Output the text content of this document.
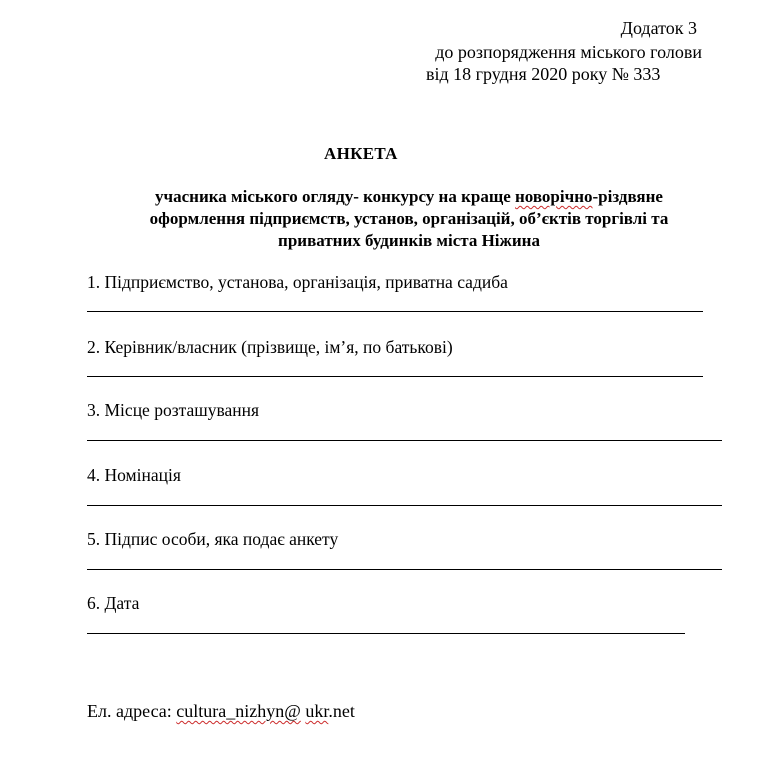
Додаток 3
до розпорядження міського голови
від 18 грудня 2020 року № 333
АНКЕТА
учасника міського огляду- конкурсу на краще новорічно-різдвяне
оформлення підприємств, установ, організацій, об’єктів торгівлі та
приватних будинків міста Ніжина
1. Підприємство, установа, організація, приватна садиба
2. Керівник/власник (прізвище, ім’я, по батькові)
3. Місце розташування
4. Номінація
5. Підпис особи, яка подає анкету
6. Дата
Ел. адреса: cultura_nizhyn@ ukr.net
